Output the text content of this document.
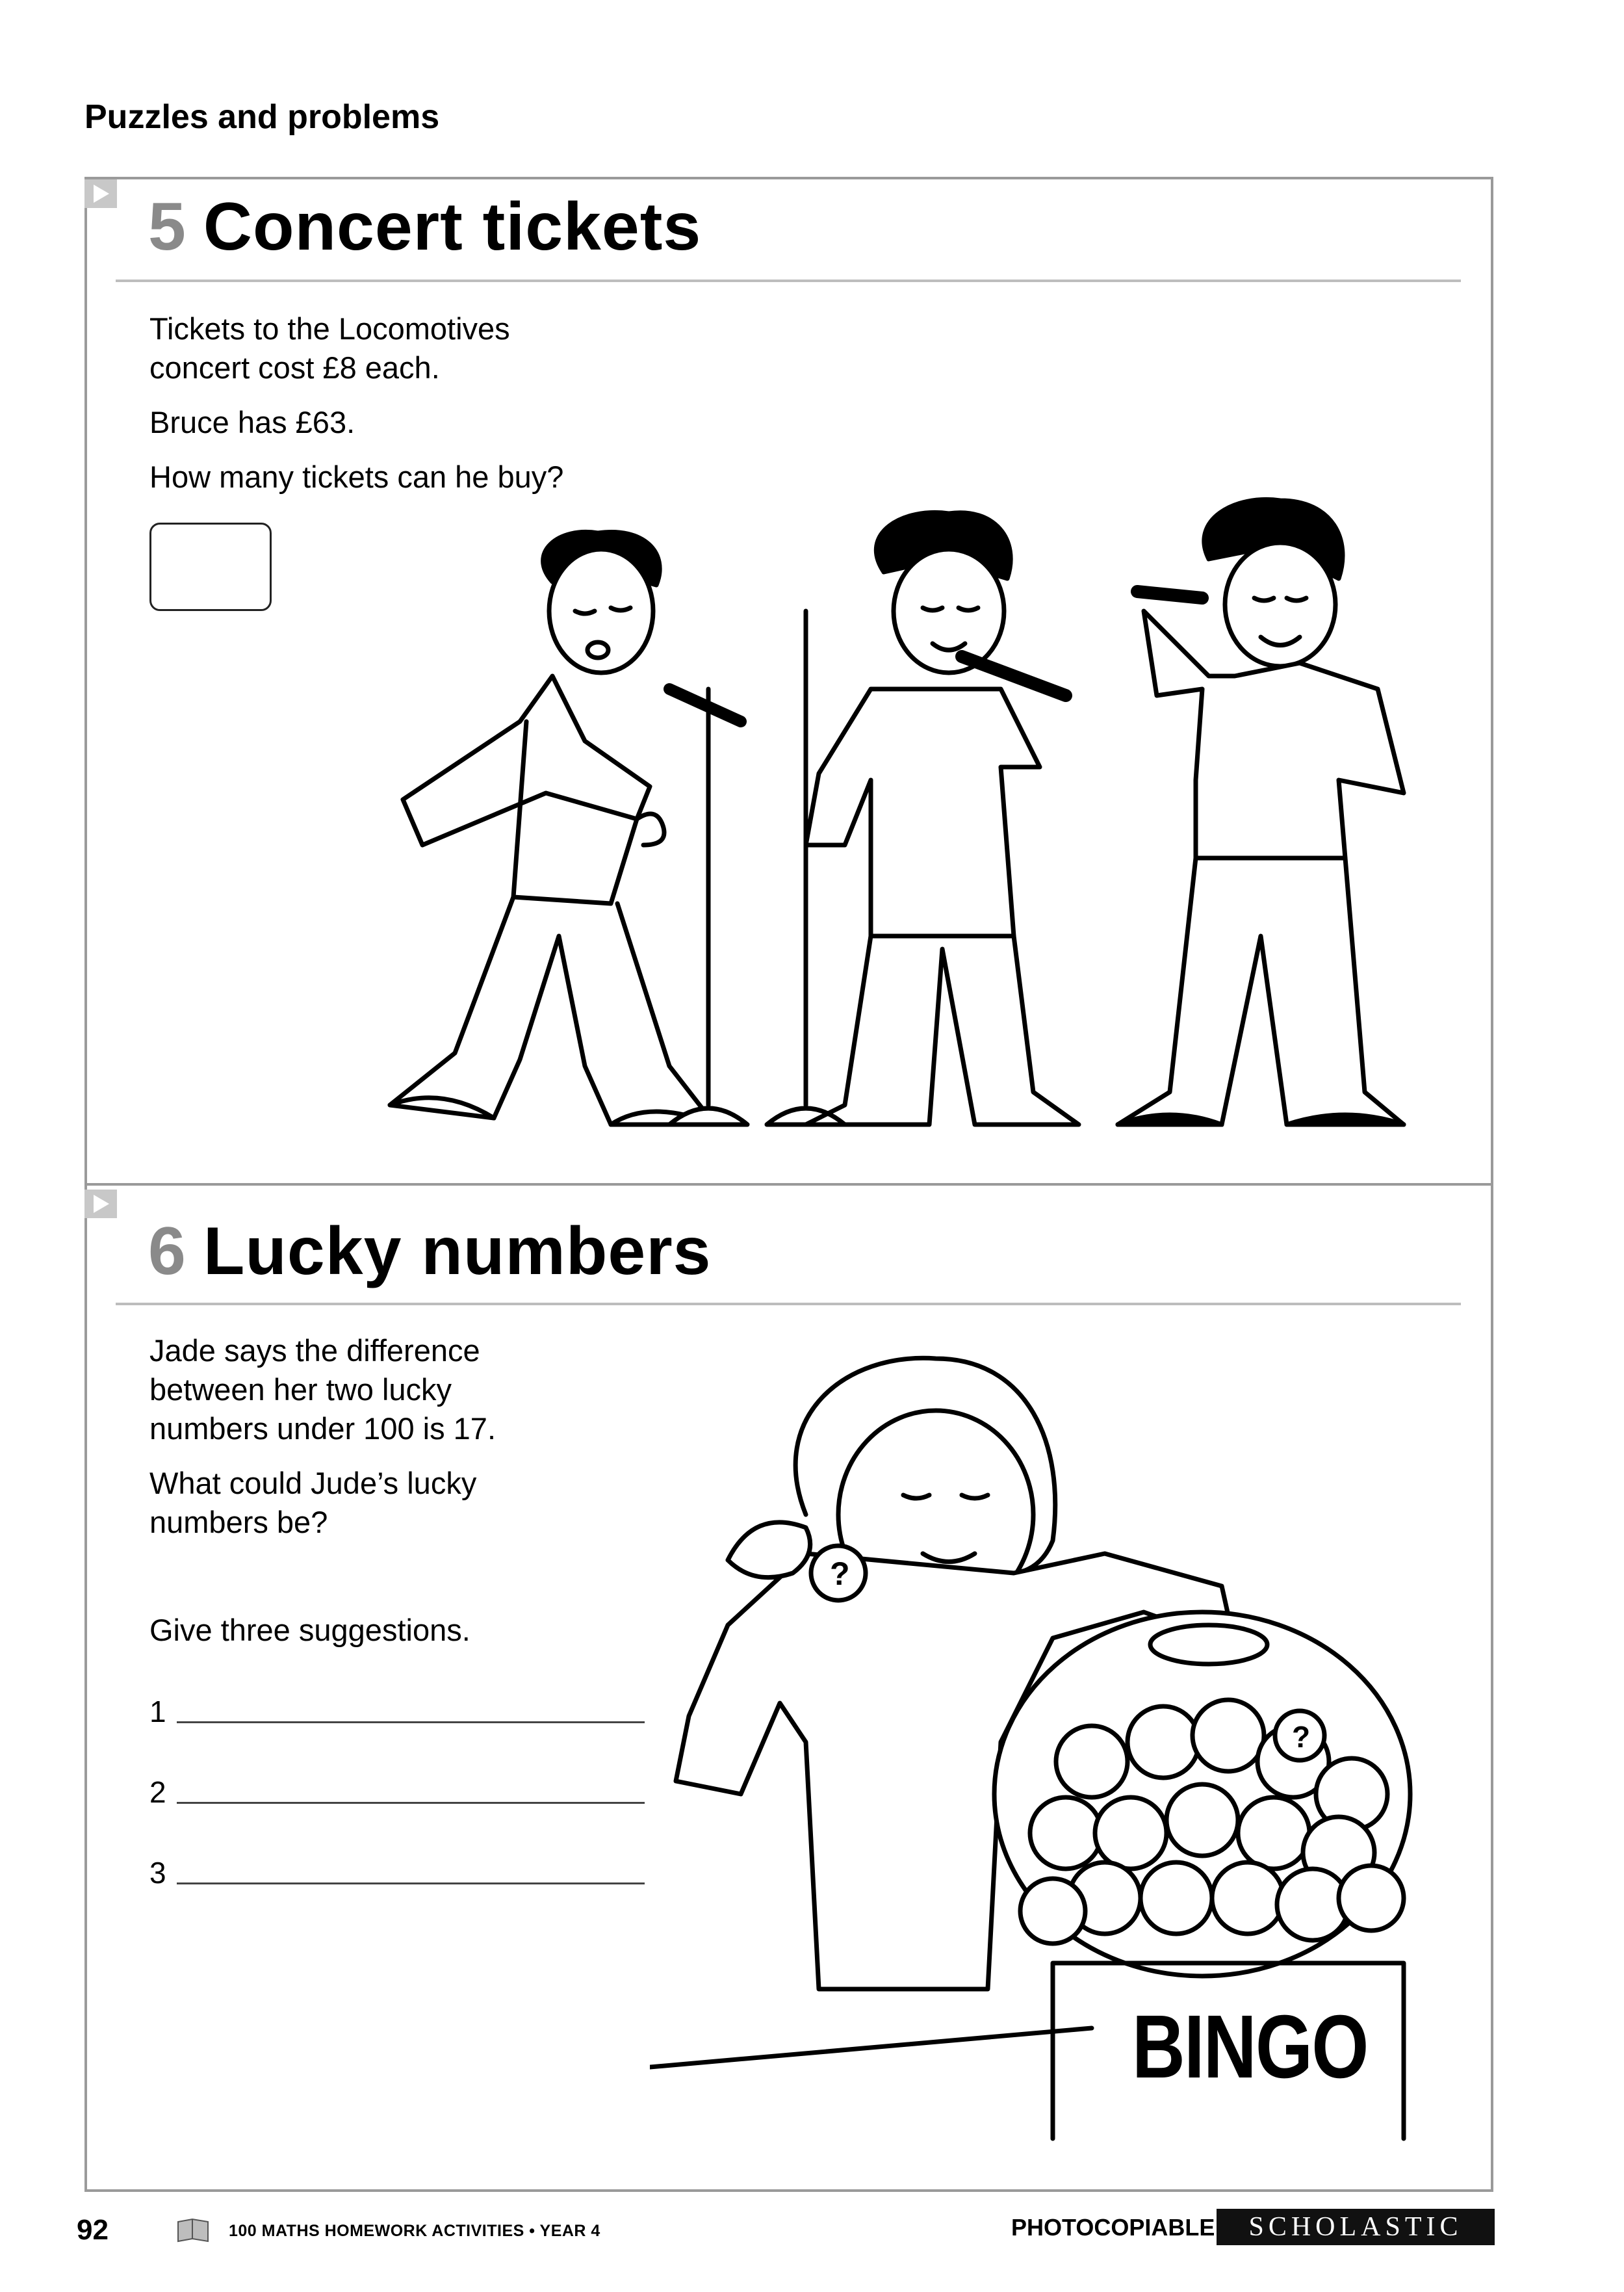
Puzzles and problems
5 Concert tickets
Tickets to the Locomotives
concert cost £8 each.
Bruce has £63.
How many tickets can he buy?
6 Lucky numbers
Jade says the difference
between her two lucky
numbers under 100 is 17.
What could Jude’s lucky
numbers be?
Give three suggestions.
1
2
3
?
?
BINGO
92	100 MATHS HOMEWORK ACTIVITIES • YEAR 4	PHOTOCOPIABLE SCHOLASTIC
